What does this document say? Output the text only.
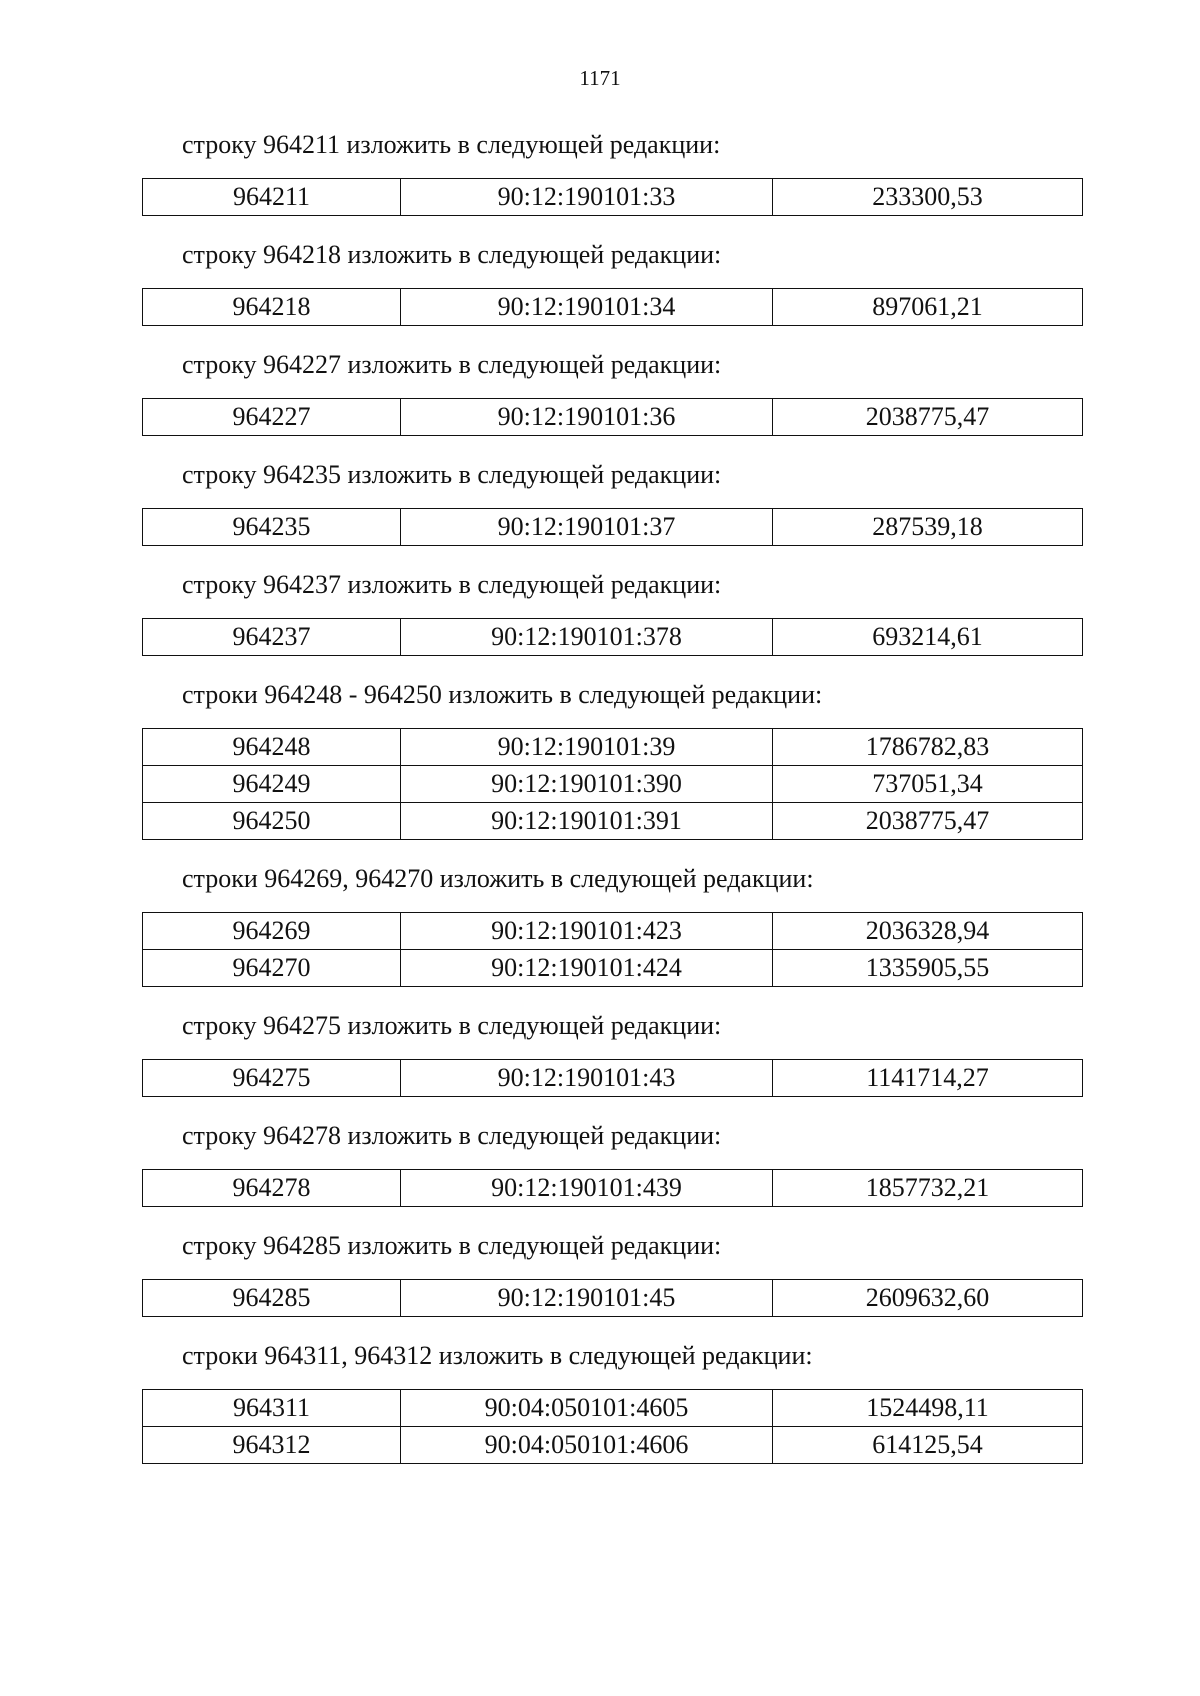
1171
строку 964211 изложить в следующей редакции:
964211	90:12:190101:33	233300,53
строку 964218 изложить в следующей редакции:
964218	90:12:190101:34	897061,21
строку 964227 изложить в следующей редакции:
964227	90:12:190101:36	2038775,47
строку 964235 изложить в следующей редакции:
964235	90:12:190101:37	287539,18
строку 964237 изложить в следующей редакции:
964237	90:12:190101:378	693214,61
строки 964248 - 964250 изложить в следующей редакции:
964248	90:12:190101:39	1786782,83
964249	90:12:190101:390	737051,34
964250	90:12:190101:391	2038775,47
строки 964269, 964270 изложить в следующей редакции:
964269	90:12:190101:423	2036328,94
964270	90:12:190101:424	1335905,55
строку 964275 изложить в следующей редакции:
964275	90:12:190101:43	1141714,27
строку 964278 изложить в следующей редакции:
964278	90:12:190101:439	1857732,21
строку 964285 изложить в следующей редакции:
964285	90:12:190101:45	2609632,60
строки 964311, 964312 изложить в следующей редакции:
964311	90:04:050101:4605	1524498,11
964312	90:04:050101:4606	614125,54
